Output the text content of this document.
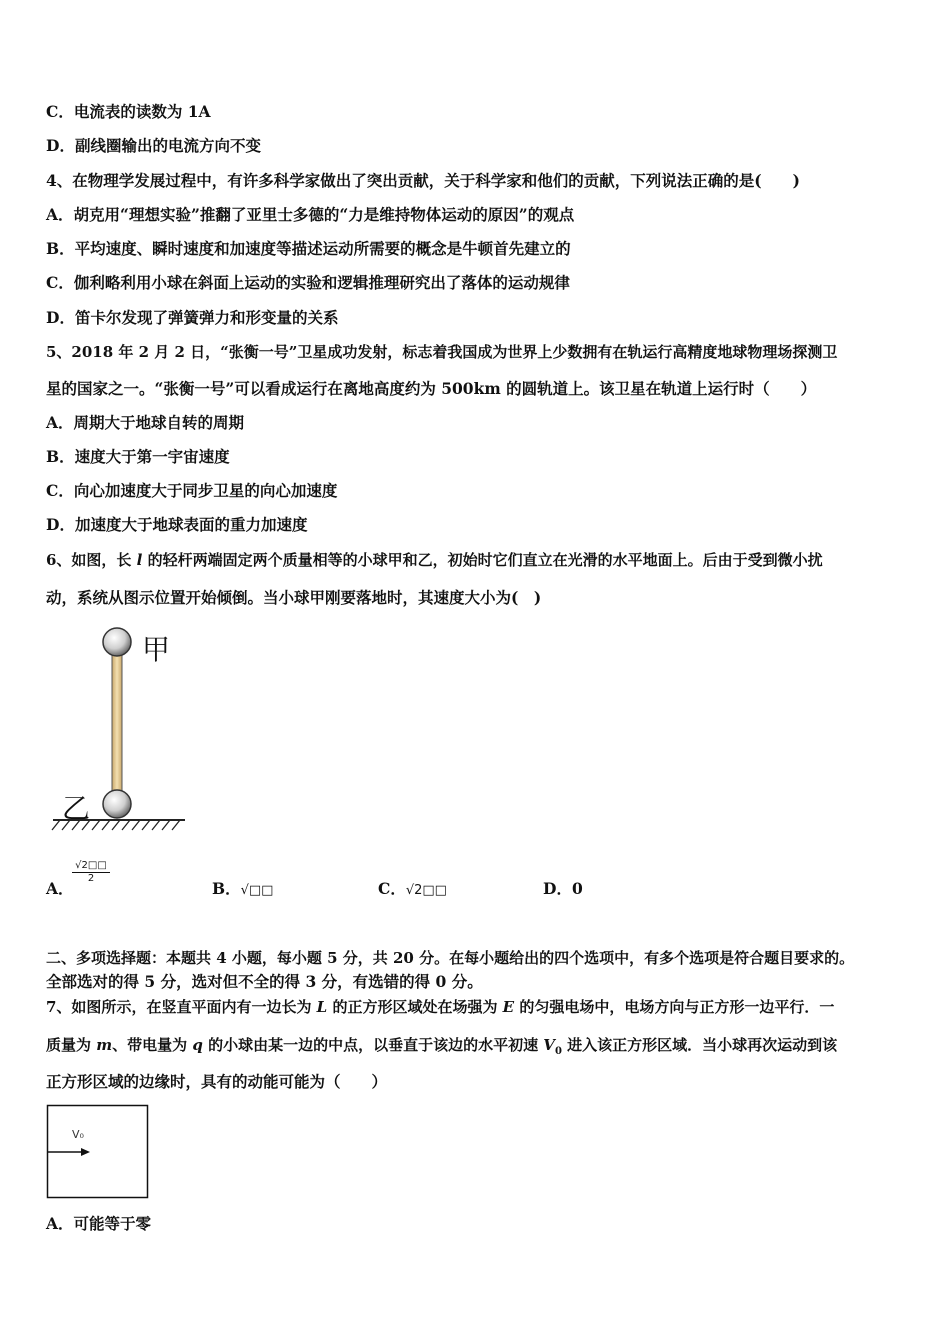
C．电流表的读数为 1A
D．副线圈输出的电流方向不变
4、在物理学发展过程中，有许多科学家做出了突出贡献，关于科学家和他们的贡献，下列说法正确的是(　　)
A．胡克用“理想实验”推翻了亚里士多德的“力是维持物体运动的原因”的观点
B．平均速度、瞬时速度和加速度等描述运动所需要的概念是牛顿首先建立的
C．伽利略利用小球在斜面上运动的实验和逻辑推理研究出了落体的运动规律
D．笛卡尔发现了弹簧弹力和形变量的关系
5、2018 年 2 月 2 日，“张衡一号”卫星成功发射，标志着我国成为世界上少数拥有在轨运行高精度地球物理场探测卫
星的国家之一。“张衡一号”可以看成运行在离地高度约为 500km 的圆轨道上。该卫星在轨道上运行时（　　）
A．周期大于地球自转的周期
B．速度大于第一宇宙速度
C．向心加速度大于同步卫星的向心加速度
D．加速度大于地球表面的重力加速度
6、如图，长 l 的轻杆两端固定两个质量相等的小球甲和乙，初始时它们直立在光滑的水平地面上。后由于受到微小扰
动，系统从图示位置开始倾倒。当小球甲刚要落地时，其速度大小为(　)
甲
乙
A．
$\frac{√2□□}{2}$
B．√□□	C．√2□□	D．0
二、多项选择题：本题共 4 小题，每小题 5 分，共 20 分。在每小题给出的四个选项中，有多个选项是符合题目要求的。
全部选对的得 5 分，选对但不全的得 3 分，有选错的得 0 分。
7、如图所示，在竖直平面内有一边长为 L 的正方形区域处在场强为 E 的匀强电场中，电场方向与正方形一边平行．一
质量为 m、带电量为 q 的小球由某一边的中点，以垂直于该边的水平初速 $V_0$ 进入该正方形区域．当小球再次运动到该
正方形区域的边缘时，具有的动能可能为（　　）
V₀
A．可能等于零
